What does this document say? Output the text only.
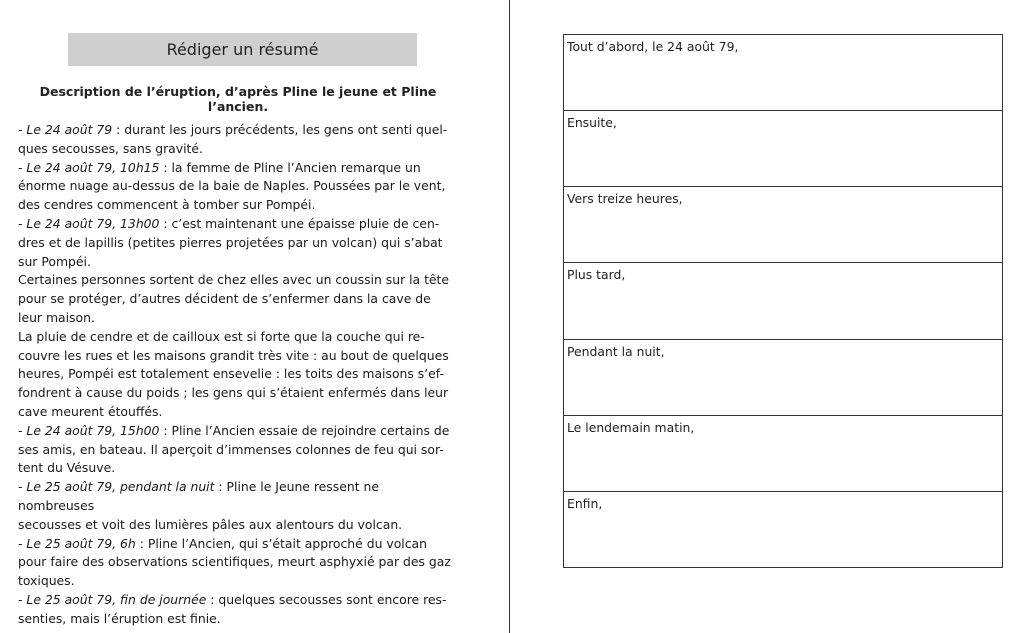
Rédiger un résumé
Description de l’éruption, d’après Pline le jeune et Pline l’ancien.

- Le 24 août 79 : durant les jours précédents, les gens ont senti quel-
ques secousses, sans gravité.

- Le 24 août 79, 10h15 : la femme de Pline l’Ancien remarque un
énorme nuage au-dessus de la baie de Naples. Poussées par le vent,
des cendres commencent à tomber sur Pompéi.

- Le 24 août 79, 13h00 : c’est maintenant une épaisse pluie de cen-
dres et de lapillis (petites pierres projetées par un volcan) qui s’abat
sur Pompéi.

Certaines personnes sortent de chez elles avec un coussin sur la tête
pour se protéger, d’autres décident de s’enfermer dans la cave de
leur maison.

La pluie de cendre et de cailloux est si forte que la couche qui re-
couvre les rues et les maisons grandit très vite : au bout de quelques
heures, Pompéi est totalement ensevelie : les toits des maisons s’ef-
fondrent à cause du poids ; les gens qui s’étaient enfermés dans leur
cave meurent étouffés.

- Le 24 août 79, 15h00 : Pline l’Ancien essaie de rejoindre certains de
ses amis, en bateau. Il aperçoit d’immenses colonnes de feu qui sor-
tent du Vésuve.

- Le 25 août 79, pendant la nuit : Pline le Jeune ressent ne nombreuses
secousses et voit des lumières pâles aux alentours du volcan.

- Le 25 août 79, 6h : Pline l’Ancien, qui s’était approché du volcan
pour faire des observations scientifiques, meurt asphyxié par des gaz
toxiques.

- Le 25 août 79, fin de journée : quelques secousses sont encore res-
senties, mais l’éruption est finie.

Tout d’abord, le 24 août 79,
Ensuite,
Vers treize heures,
Plus tard,
Pendant la nuit,
Le lendemain matin,
Enfin,
